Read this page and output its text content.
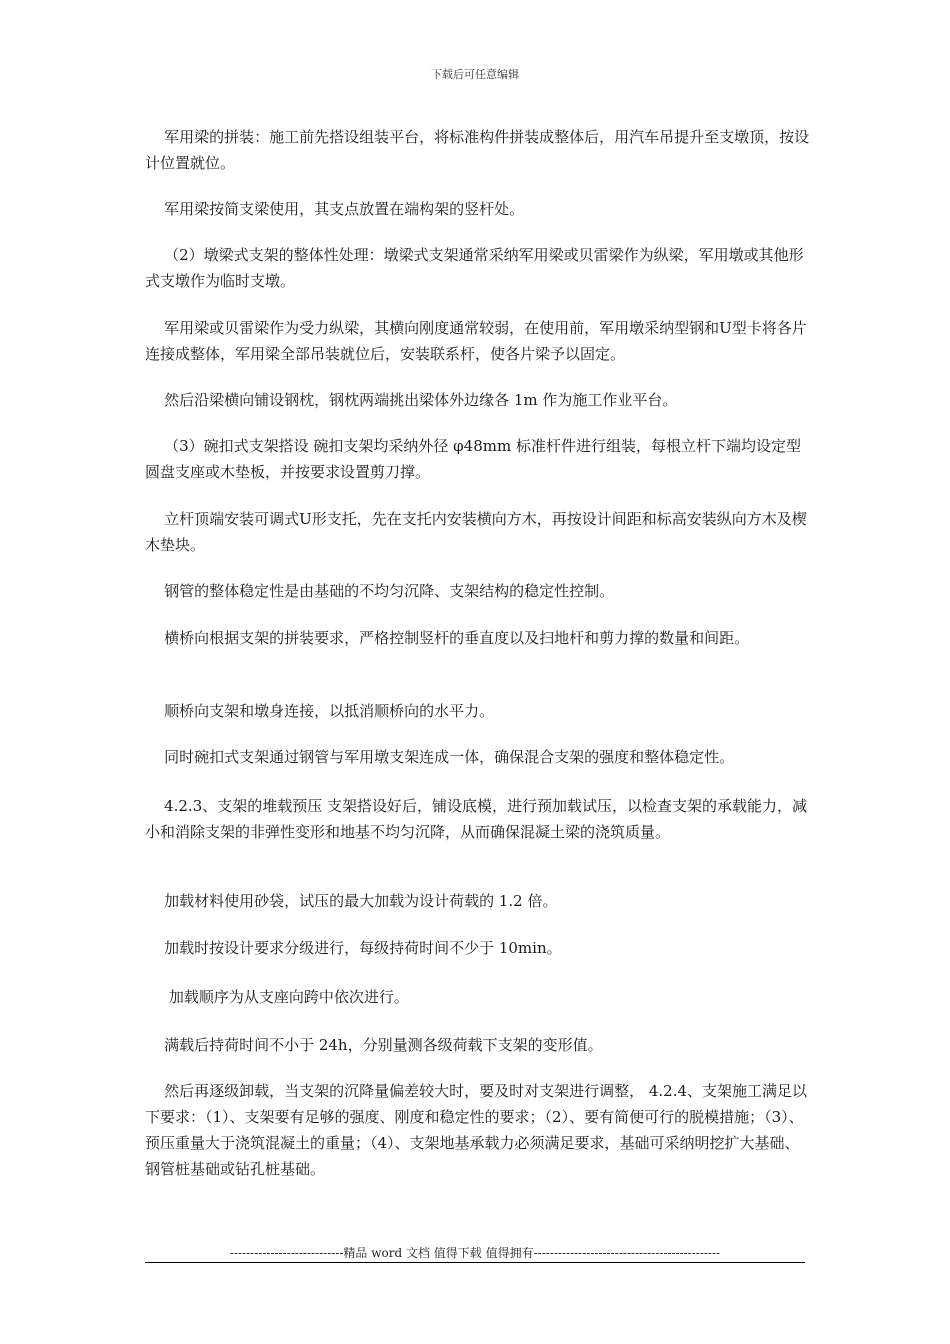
下载后可任意编辑

军用梁的拼装：施工前先搭设组装平台，将标准构件拼装成整体后，用汽车吊提升至支墩顶，按设计位置就位。

军用梁按简支梁使用，其支点放置在端构架的竖杆处。

（2）墩梁式支架的整体性处理：墩梁式支架通常采纳军用梁或贝雷梁作为纵梁，军用墩或其他形式支墩作为临时支墩。

军用梁或贝雷梁作为受力纵梁，其横向刚度通常较弱，在使用前，军用墩采纳型钢和U型卡将各片连接成整体，军用梁全部吊装就位后，安装联系杆，使各片梁予以固定。

然后沿梁横向铺设钢枕，钢枕两端挑出梁体外边缘各 1m 作为施工作业平台。

（3）碗扣式支架搭设 碗扣支架均采纳外径 φ48mm 标准杆件进行组装，每根立杆下端均设定型圆盘支座或木垫板，并按要求设置剪刀撑。

立杆顶端安装可调式U形支托，先在支托内安装横向方木，再按设计间距和标高安装纵向方木及楔木垫块。

钢管的整体稳定性是由基础的不均匀沉降、支架结构的稳定性控制。

横桥向根据支架的拼装要求，严格控制竖杆的垂直度以及扫地杆和剪力撑的数量和间距。

顺桥向支架和墩身连接，以抵消顺桥向的水平力。

同时碗扣式支架通过钢管与军用墩支架连成一体，确保混合支架的强度和整体稳定性。

4.2.3、支架的堆载预压 支架搭设好后，铺设底模，进行预加载试压，以检查支架的承载能力，减小和消除支架的非弹性变形和地基不均匀沉降，从而确保混凝土梁的浇筑质量。

加载材料使用砂袋，试压的最大加载为设计荷载的 1.2 倍。

加载时按设计要求分级进行，每级持荷时间不少于 10min。

加载顺序为从支座向跨中依次进行。

满载后持荷时间不小于 24h，分别量测各级荷载下支架的变形值。

然后再逐级卸载，当支架的沉降量偏差较大时，要及时对支架进行调整， 4.2.4、支架施工满足以下要求：（1）、支架要有足够的强度、刚度和稳定性的要求；（2）、要有简便可行的脱模措施；（3）、预压重量大于浇筑混凝土的重量；（4）、支架地基承载力必须满足要求，基础可采纳明挖扩大基础、钢管桩基础或钻孔桩基础。

----------------------------精品 word 文档 值得下载 值得拥有----------------------------------------------
